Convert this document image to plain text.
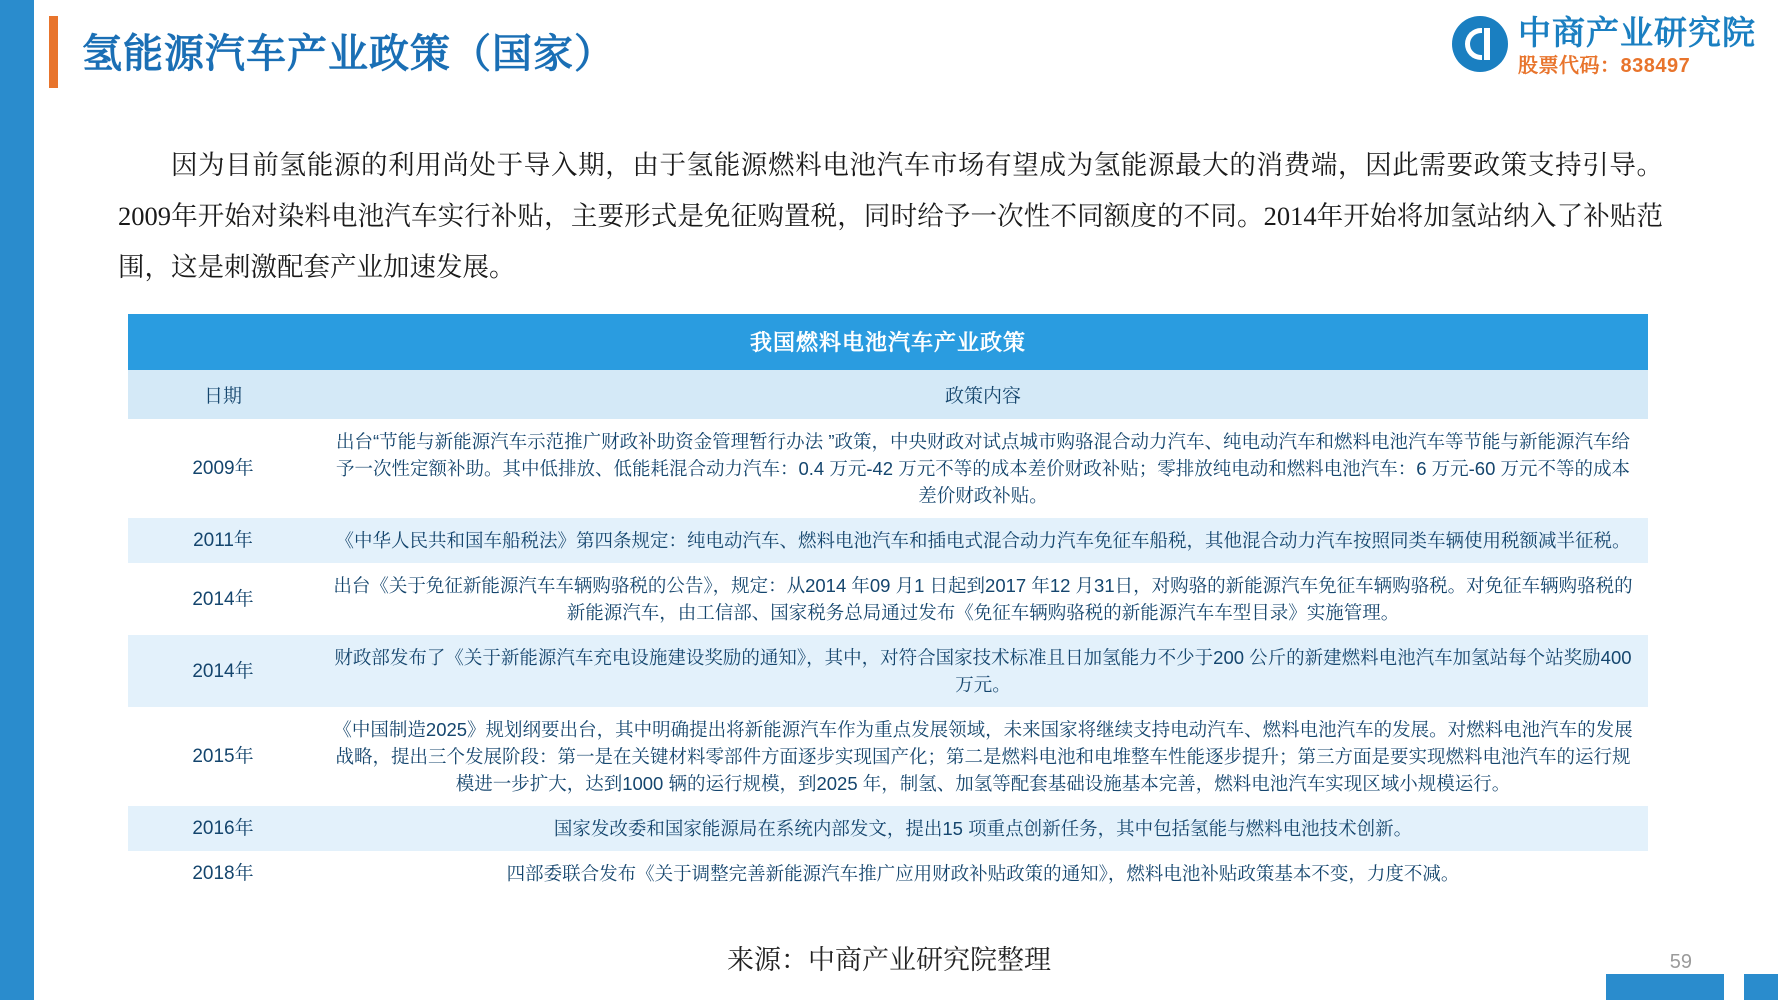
氢能源汽车产业政策（国家）	中商产业研究院
股票代码：838497
因为目前氢能源的利用尚处于导入期，由于氢能源燃料电池汽车市场有望成为氢能源最大的消费端，因此需要政策支持引导。2009年开始对染料电池汽车实行补贴，主要形式是免征购置税，同时给予一次性不同额度的不同。2014年开始将加氢站纳入了补贴范围，这是刺激配套产业加速发展。
我国燃料电池汽车产业政策
日期	政策内容
2009年	出台“节能与新能源汽车示范推广财政补助资金管理暂行办法 ”政策，中央财政对试点城市购骆混合动力汽车、纯电动汽车和燃料电池汽车等节能与新能源汽车给予一次性定额补助。其中低排放、低能耗混合动力汽车：0.4 万元-42 万元不等的成本差价财政补贴；零排放纯电动和燃料电池汽车：6 万元-60 万元不等的成本差价财政补贴。
2011年	《中华人民共和国车船税法》第四条规定：纯电动汽车、燃料电池汽车和插电式混合动力汽车免征车船税，其他混合动力汽车按照同类车辆使用税额减半征税。
2014年	出台《关于免征新能源汽车车辆购骆税的公告》，规定：从2014 年09 月1 日起到2017 年12 月31日，对购骆的新能源汽车免征车辆购骆税。对免征车辆购骆税的新能源汽车，由工信部、国家税务总局通过发布《免征车辆购骆税的新能源汽车车型目录》实施管理。
2014年	财政部发布了《关于新能源汽车充电设施建设奖励的通知》，其中，对符合国家技术标准且日加氢能力不少于200 公斤的新建燃料电池汽车加氢站每个站奖励400 万元。
2015年	《中国制造2025》规划纲要出台，其中明确提出将新能源汽车作为重点发展领域，未来国家将继续支持电动汽车、燃料电池汽车的发展。对燃料电池汽车的发展战略，提出三个发展阶段：第一是在关键材料零部件方面逐步实现国产化；第二是燃料电池和电堆整车性能逐步提升；第三方面是要实现燃料电池汽车的运行规模进一步扩大，达到1000 辆的运行规模，到2025 年，制氢、加氢等配套基础设施基本完善，燃料电池汽车实现区域小规模运行。
2016年	国家发改委和国家能源局在系统内部发文，提出15 项重点创新任务，其中包括氢能与燃料电池技术创新。
2018年	四部委联合发布《关于调整完善新能源汽车推广应用财政补贴政策的通知》，燃料电池补贴政策基本不变，力度不减。
来源：中商产业研究院整理	59
